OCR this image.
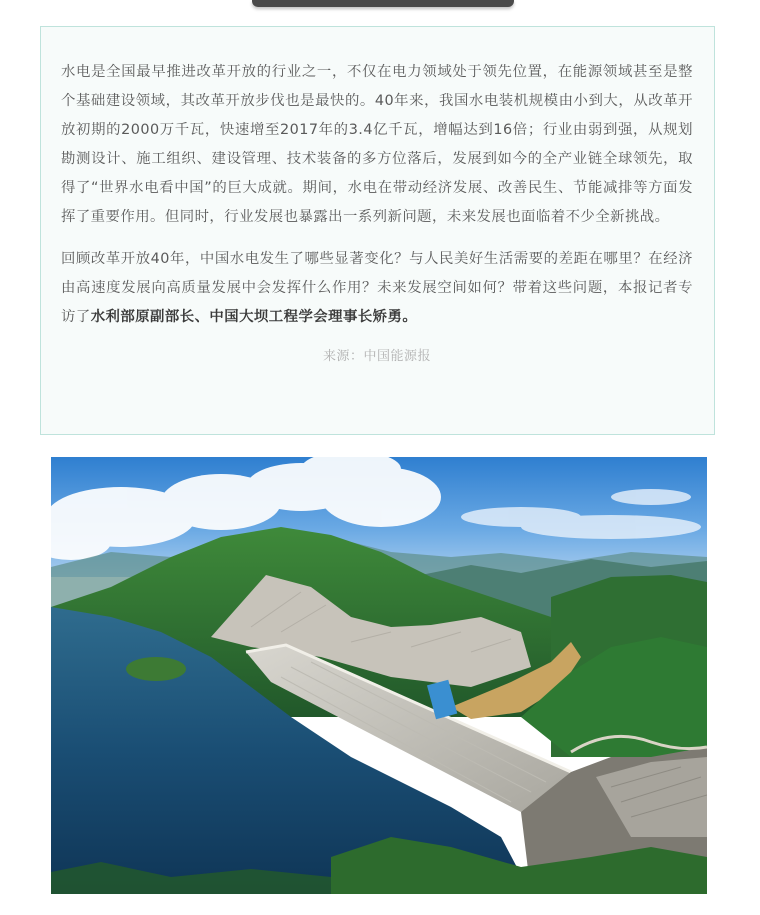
水电是全国最早推进改革开放的行业之一，不仅在电力领域处于领先位置，在能源领域甚至是整个基础建设领域，其改革开放步伐也是最快的。40年来，我国水电装机规模由小到大，从改革开放初期的2000万千瓦，快速增至2017年的3.4亿千瓦，增幅达到16倍；行业由弱到强，从规划勘测设计、施工组织、建设管理、技术装备的多方位落后，发展到如今的全产业链全球领先，取得了“世界水电看中国”的巨大成就。期间，水电在带动经济发展、改善民生、节能减排等方面发挥了重要作用。但同时，行业发展也暴露出一系列新问题，未来发展也面临着不少全新挑战。

回顾改革开放40年，中国水电发生了哪些显著变化？与人民美好生活需要的差距在哪里？在经济由高速度发展向高质量发展中会发挥什么作用？未来发展空间如何？带着这些问题，本报记者专访了水利部原副部长、中国大坝工程学会理事长矫勇。

来源：中国能源报
